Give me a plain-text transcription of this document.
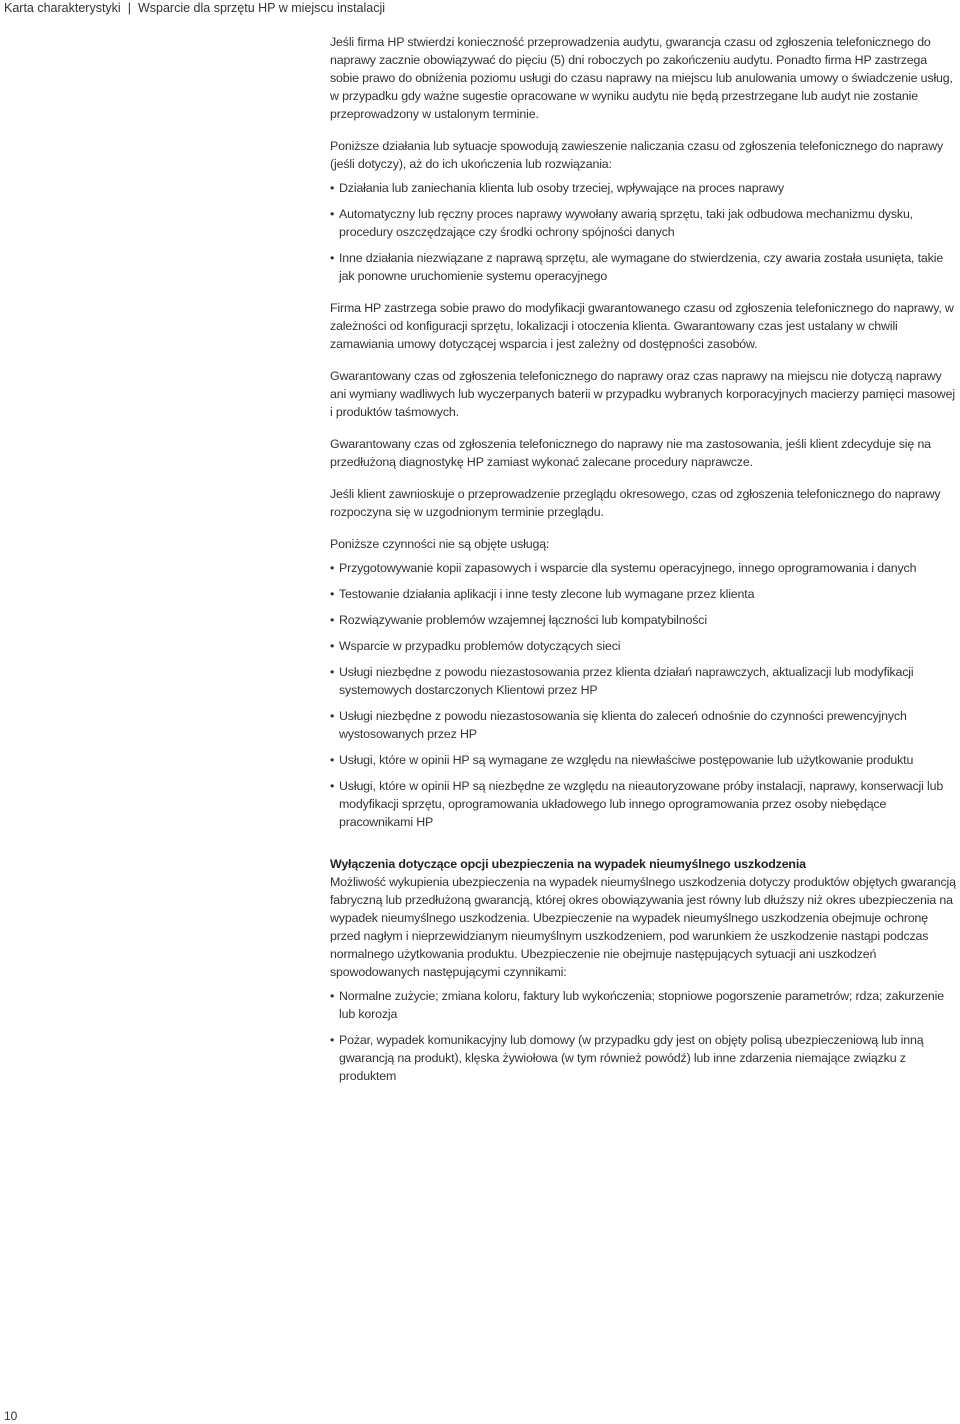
Karta charakterystyki | Wsparcie dla sprzętu HP w miejscu instalacji

Jeśli firma HP stwierdzi konieczność przeprowadzenia audytu, gwarancja czasu od zgłoszenia telefonicznego do naprawy zacznie obowiązywać do pięciu (5) dni roboczych po zakończeniu audytu. Ponadto firma HP zastrzega sobie prawo do obniżenia poziomu usługi do czasu naprawy na miejscu lub anulowania umowy o świadczenie usług, w przypadku gdy ważne sugestie opracowane w wyniku audytu nie będą przestrzegane lub audyt nie zostanie przeprowadzony w ustalonym terminie.

Poniższe działania lub sytuacje spowodują zawieszenie naliczania czasu od zgłoszenia telefonicznego do naprawy (jeśli dotyczy), aż do ich ukończenia lub rozwiązania:

• Działania lub zaniechania klienta lub osoby trzeciej, wpływające na proces naprawy
• Automatyczny lub ręczny proces naprawy wywołany awarią sprzętu, taki jak odbudowa mechanizmu dysku, procedury oszczędzające czy środki ochrony spójności danych
• Inne działania niezwiązane z naprawą sprzętu, ale wymagane do stwierdzenia, czy awaria została usunięta, takie jak ponowne uruchomienie systemu operacyjnego

Firma HP zastrzega sobie prawo do modyfikacji gwarantowanego czasu od zgłoszenia telefonicznego do naprawy, w zależności od konfiguracji sprzętu, lokalizacji i otoczenia klienta. Gwarantowany czas jest ustalany w chwili zamawiania umowy dotyczącej wsparcia i jest zależny od dostępności zasobów.

Gwarantowany czas od zgłoszenia telefonicznego do naprawy oraz czas naprawy na miejscu nie dotyczą naprawy ani wymiany wadliwych lub wyczerpanych baterii w przypadku wybranych korporacyjnych macierzy pamięci masowej i produktów taśmowych.

Gwarantowany czas od zgłoszenia telefonicznego do naprawy nie ma zastosowania, jeśli klient zdecyduje się na przedłużoną diagnostykę HP zamiast wykonać zalecane procedury naprawcze.

Jeśli klient zawnioskuje o przeprowadzenie przeglądu okresowego, czas od zgłoszenia telefonicznego do naprawy rozpoczyna się w uzgodnionym terminie przeglądu.

Poniższe czynności nie są objęte usługą:

• Przygotowywanie kopii zapasowych i wsparcie dla systemu operacyjnego, innego oprogramowania i danych
• Testowanie działania aplikacji i inne testy zlecone lub wymagane przez klienta
• Rozwiązywanie problemów wzajemnej łączności lub kompatybilności
• Wsparcie w przypadku problemów dotyczących sieci
• Usługi niezbędne z powodu niezastosowania przez klienta działań naprawczych, aktualizacji lub modyfikacji systemowych dostarczonych Klientowi przez HP
• Usługi niezbędne z powodu niezastosowania się klienta do zaleceń odnośnie do czynności prewencyjnych wystosowanych przez HP
• Usługi, które w opinii HP są wymagane ze względu na niewłaściwe postępowanie lub użytkowanie produktu
• Usługi, które w opinii HP są niezbędne ze względu na nieautoryzowane próby instalacji, naprawy, konserwacji lub modyfikacji sprzętu, oprogramowania układowego lub innego oprogramowania przez osoby niebędące pracownikami HP

Wyłączenia dotyczące opcji ubezpieczenia na wypadek nieumyślnego uszkodzenia

Możliwość wykupienia ubezpieczenia na wypadek nieumyślnego uszkodzenia dotyczy produktów objętych gwarancją fabryczną lub przedłużoną gwarancją, której okres obowiązywania jest równy lub dłuższy niż okres ubezpieczenia na wypadek nieumyślnego uszkodzenia. Ubezpieczenie na wypadek nieumyślnego uszkodzenia obejmuje ochronę przed nagłym i nieprzewidzianym nieumyślnym uszkodzeniem, pod warunkiem że uszkodzenie nastąpi podczas normalnego użytkowania produktu. Ubezpieczenie nie obejmuje następujących sytuacji ani uszkodzeń spowodowanych następującymi czynnikami:

• Normalne zużycie; zmiana koloru, faktury lub wykończenia; stopniowe pogorszenie parametrów; rdza; zakurzenie lub korozja
• Pożar, wypadek komunikacyjny lub domowy (w przypadku gdy jest on objęty polisą ubezpieczeniową lub inną gwarancją na produkt), klęska żywiołowa (w tym również powódź) lub inne zdarzenia niemające związku z produktem
10
